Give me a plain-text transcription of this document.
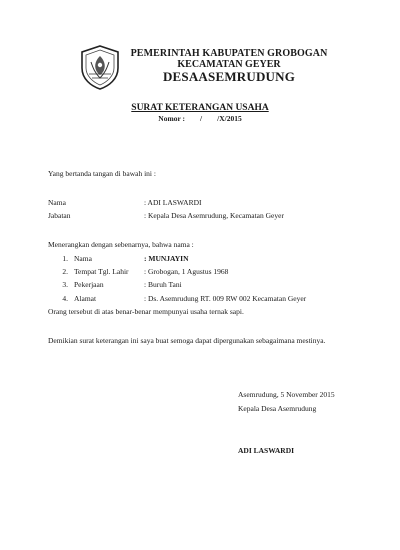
PEMERINTAH KABUPATEN GROBOGAN
KECAMATAN GEYER
DESAASEMRUDUNG
SURAT KETERANGAN USAHA
Nomor :        /        /X/2015
Yang bertanda tangan di bawah ini :
Nama	: ADI LASWARDI
Jabatan	: Kepala Desa Asemrudung, Kecamatan Geyer
Menerangkan dengan sebenarnya, bahwa nama :
1. Nama	: MUNJAYIN
2. Tempat Tgl. Lahir : Grobogan, 1 Agustus 1968
3. Pekerjaan	: Buruh Tani
4. Alamat	: Ds. Asemrudung RT. 009 RW 002 Kecamatan Geyer
Orang tersebut di atas benar-benar mempunyai usaha ternak sapi.
Demikian surat keterangan ini saya buat semoga dapat dipergunakan sebagaimana mestinya.
Asemrudung, 5 November 2015
Kepala Desa Asemrudung
ADI LASWARDI
